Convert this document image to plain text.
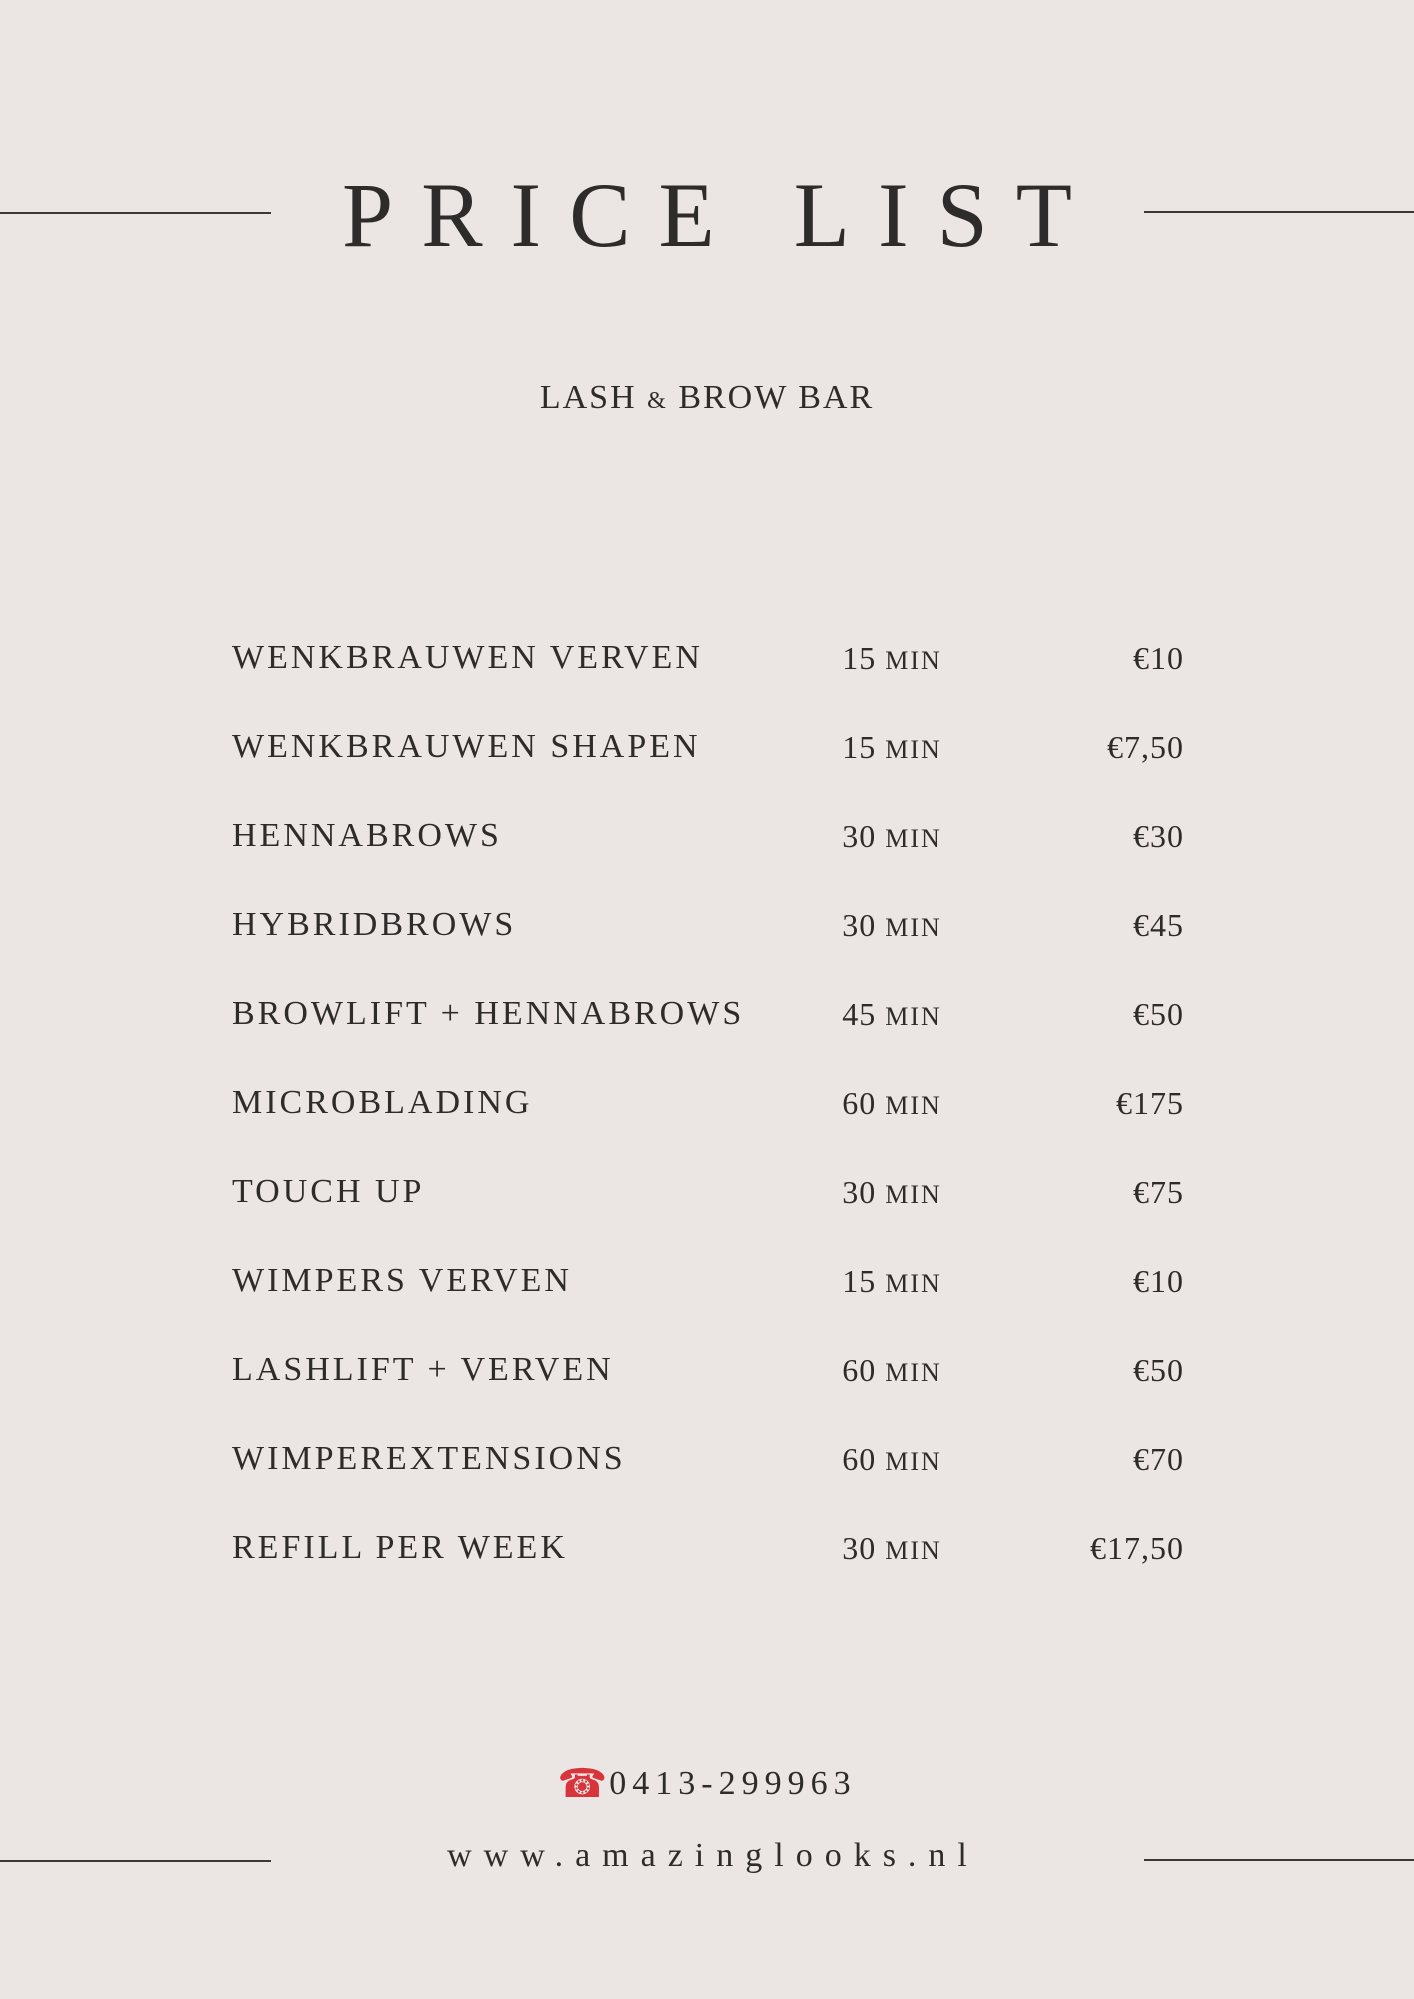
PRICE LIST
LASH & BROW BAR
WENKBRAUWEN VERVEN	15 MIN	€10
WENKBRAUWEN SHAPEN	15 MIN	€7,50
HENNABROWS	30 MIN	€30
HYBRIDBROWS	30 MIN	€45
BROWLIFT + HENNABROWS	45 MIN	€50
MICROBLADING	60 MIN	€175
TOUCH UP	30 MIN	€75
WIMPERS VERVEN	15 MIN	€10
LASHLIFT + VERVEN	60 MIN	€50
WIMPEREXTENSIONS	60 MIN	€70
REFILL PER WEEK	30 MIN	€17,50
☎0413-299963
www.amazinglooks.nl
